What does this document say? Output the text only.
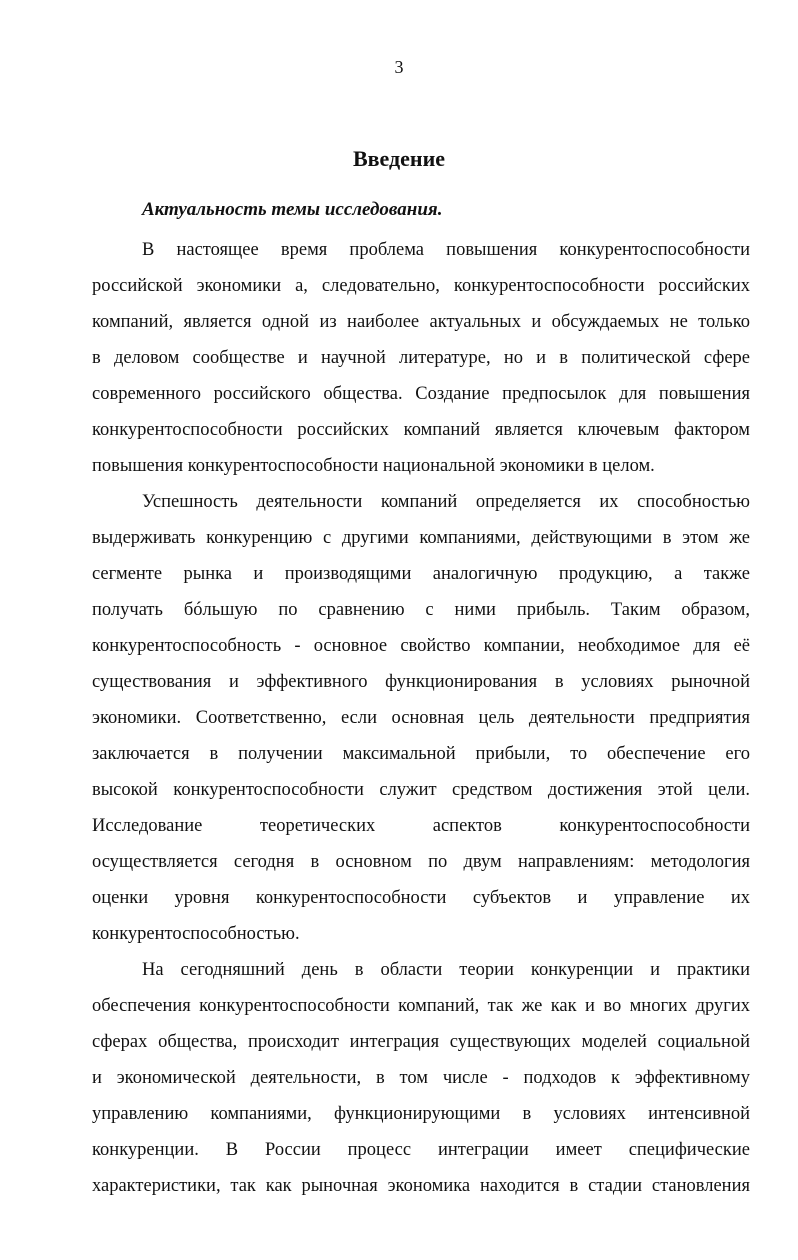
3
Введение
Актуальность темы исследования.
В настоящее время проблема повышения конкурентоспособности
российской экономики а, следовательно, конкурентоспособности российских
компаний, является одной из наиболее актуальных и обсуждаемых не только
в деловом сообществе и научной литературе, но и в политической сфере
современного российского общества. Создание предпосылок для повышения
конкурентоспособности российских компаний является ключевым фактором
повышения конкурентоспособности национальной экономики в целом.
Успешность деятельности компаний определяется их способностью
выдерживать конкуренцию с другими компаниями, действующими в этом же
сегменте рынка и производящими аналогичную продукцию, а также
получать бóльшую по сравнению с ними прибыль. Таким образом,
конкурентоспособность - основное свойство компании, необходимое для её
существования и эффективного функционирования в условиях рыночной
экономики. Соответственно, если основная цель деятельности предприятия
заключается в получении максимальной прибыли, то обеспечение его
высокой конкурентоспособности служит средством достижения этой цели.
Исследование теоретических аспектов конкурентоспособности
осуществляется сегодня в основном по двум направлениям: методология
оценки уровня конкурентоспособности субъектов и управление их
конкурентоспособностью.
На сегодняшний день в области теории конкуренции и практики
обеспечения конкурентоспособности компаний, так же как и во многих других
сферах общества, происходит интеграция существующих моделей социальной
и экономической деятельности, в том числе - подходов к эффективному
управлению компаниями, функционирующими в условиях интенсивной
конкуренции. В России процесс интеграции имеет специфические
характеристики, так как рыночная экономика находится в стадии становления
